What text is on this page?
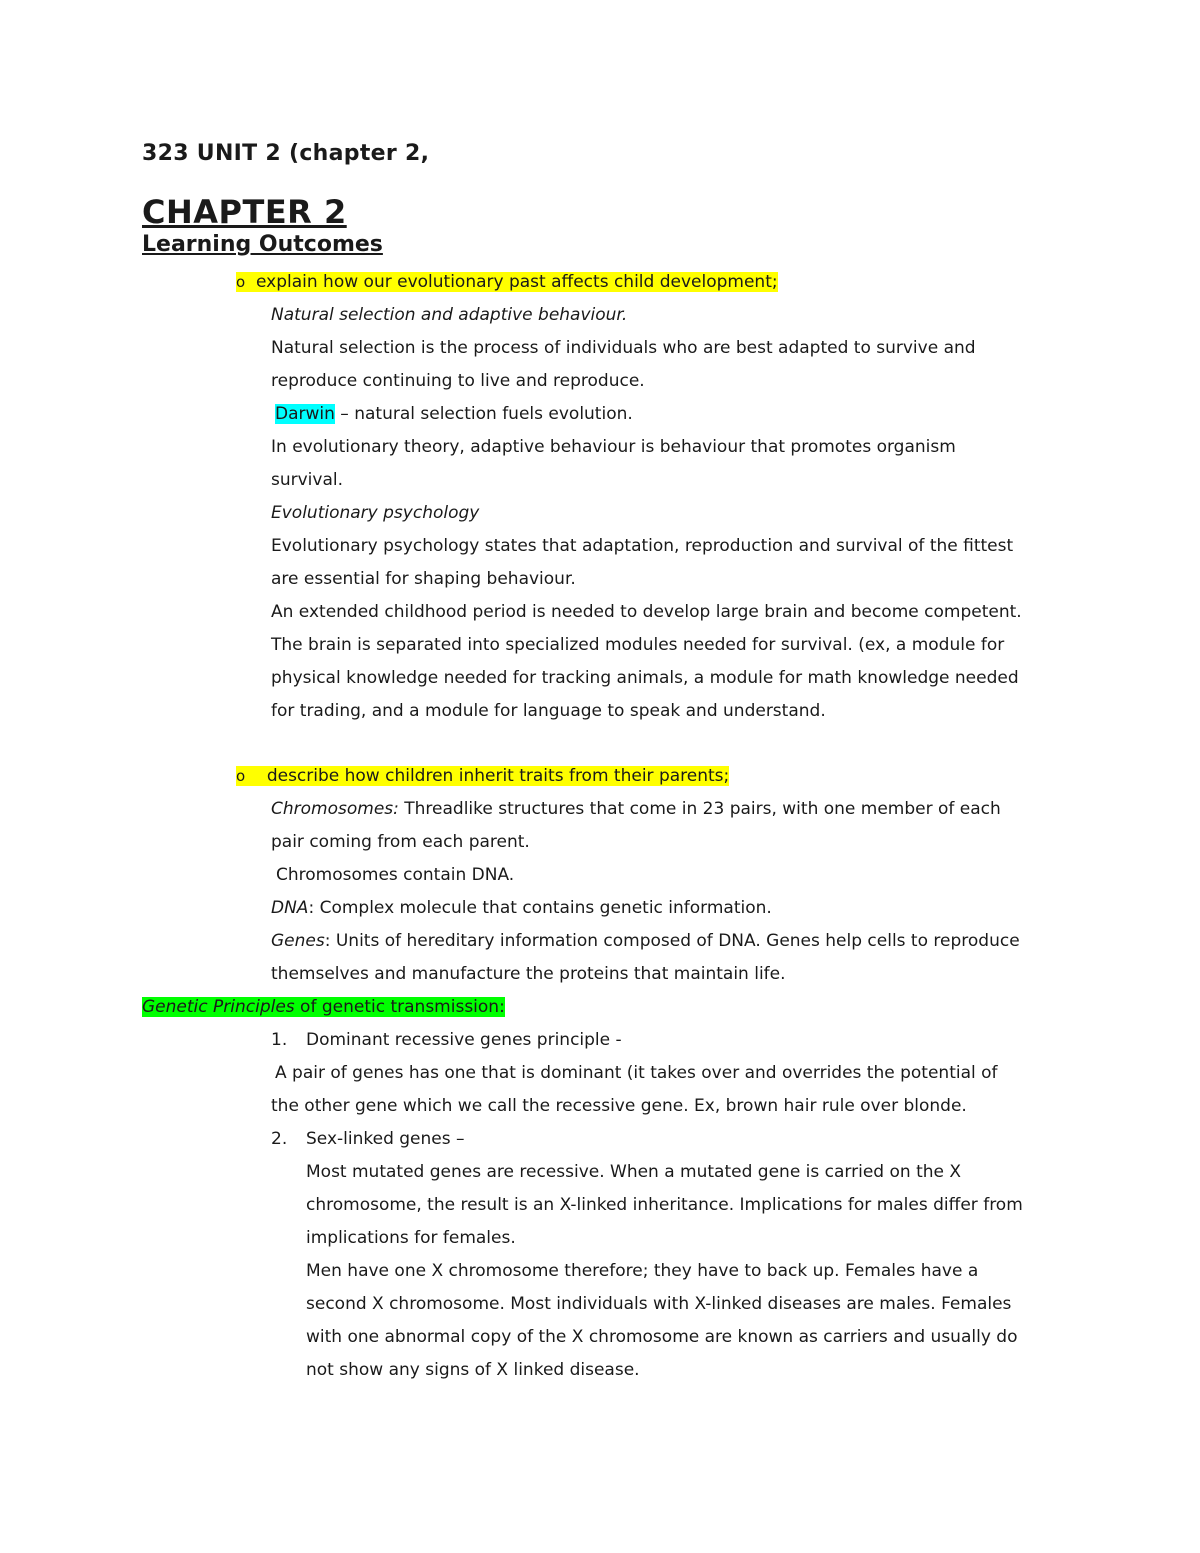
323 UNIT 2 (chapter 2,
CHAPTER 2
Learning Outcomes
o explain how our evolutionary past affects child development;
Natural selection and adaptive behaviour.
Natural selection is the process of individuals who are best adapted to survive and
reproduce continuing to live and reproduce.
Darwin – natural selection fuels evolution.
In evolutionary theory, adaptive behaviour is behaviour that promotes organism
survival.
Evolutionary psychology
Evolutionary psychology states that adaptation, reproduction and survival of the fittest
are essential for shaping behaviour.
An extended childhood period is needed to develop large brain and become competent.
The brain is separated into specialized modules needed for survival. (ex, a module for
physical knowledge needed for tracking animals, a module for math knowledge needed
for trading, and a module for language to speak and understand.
o describe how children inherit traits from their parents;
Chromosomes: Threadlike structures that come in 23 pairs, with one member of each
pair coming from each parent.
Chromosomes contain DNA.
DNA: Complex molecule that contains genetic information.
Genes: Units of hereditary information composed of DNA. Genes help cells to reproduce
themselves and manufacture the proteins that maintain life.
Genetic Principles of genetic transmission:
1. Dominant recessive genes principle -
A pair of genes has one that is dominant (it takes over and overrides the potential of
the other gene which we call the recessive gene. Ex, brown hair rule over blonde.
2. Sex-linked genes –
Most mutated genes are recessive. When a mutated gene is carried on the X
chromosome, the result is an X-linked inheritance. Implications for males differ from
implications for females.
Men have one X chromosome therefore; they have to back up. Females have a
second X chromosome. Most individuals with X-linked diseases are males. Females
with one abnormal copy of the X chromosome are known as carriers and usually do
not show any signs of X linked disease.
